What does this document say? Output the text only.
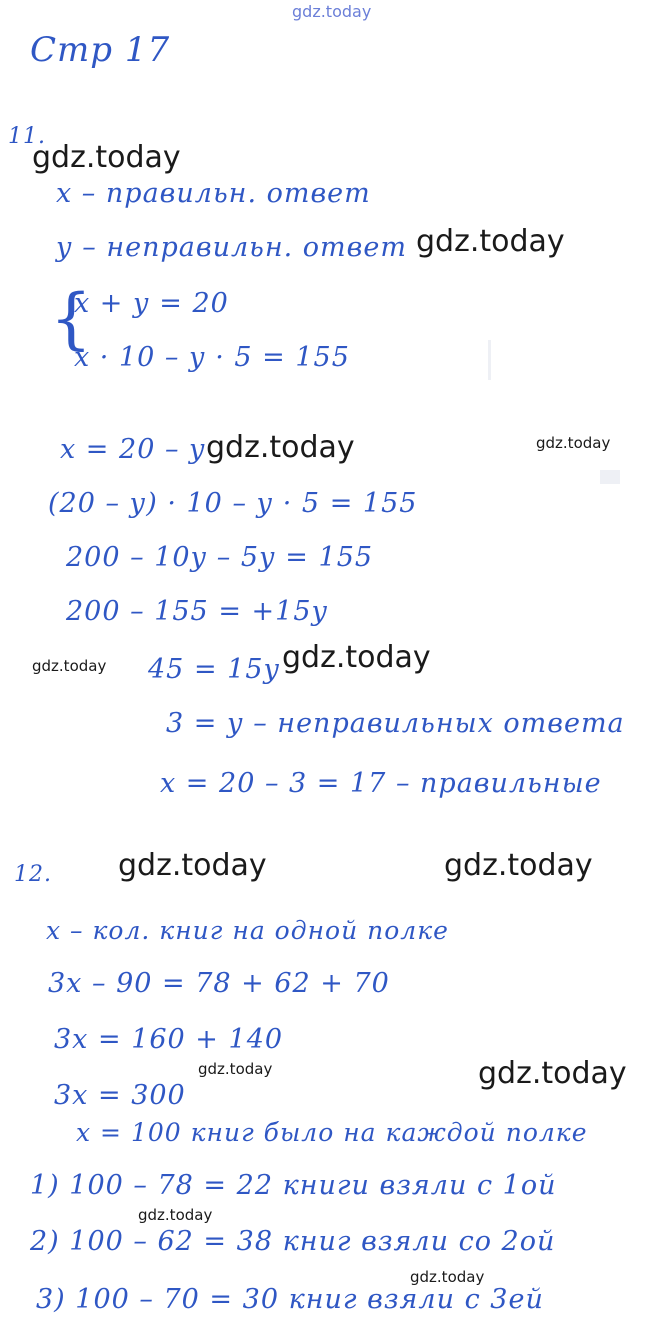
gdz.today
Стр 17
11.
gdz.today
х – правильн. ответ
у – неправильн. ответ gdz.today
{
х + у = 20
х · 10 – у · 5 = 155
х = 20 – у gdz.today	gdz.today
(20 – у) · 10 – у · 5 = 155
200 – 10у – 5у = 155
200 – 155 = +15у
gdz.today 45 = 15у gdz.today
3 = у – неправильных ответа
х = 20 – 3 = 17 – правильные
12. gdz.today	gdz.today
х – кол. книг на одной полке
3х – 90 = 78 + 62 + 70
3х = 160 + 140
gdz.today	gdz.today
3х = 300
х = 100 книг было на каждой полке
1) 100 – 78 = 22 книги взяли с 1ой
gdz.today
2) 100 – 62 = 38 книг взяли со 2ой
gdz.today
3) 100 – 70 = 30 книг взяли с 3ей
